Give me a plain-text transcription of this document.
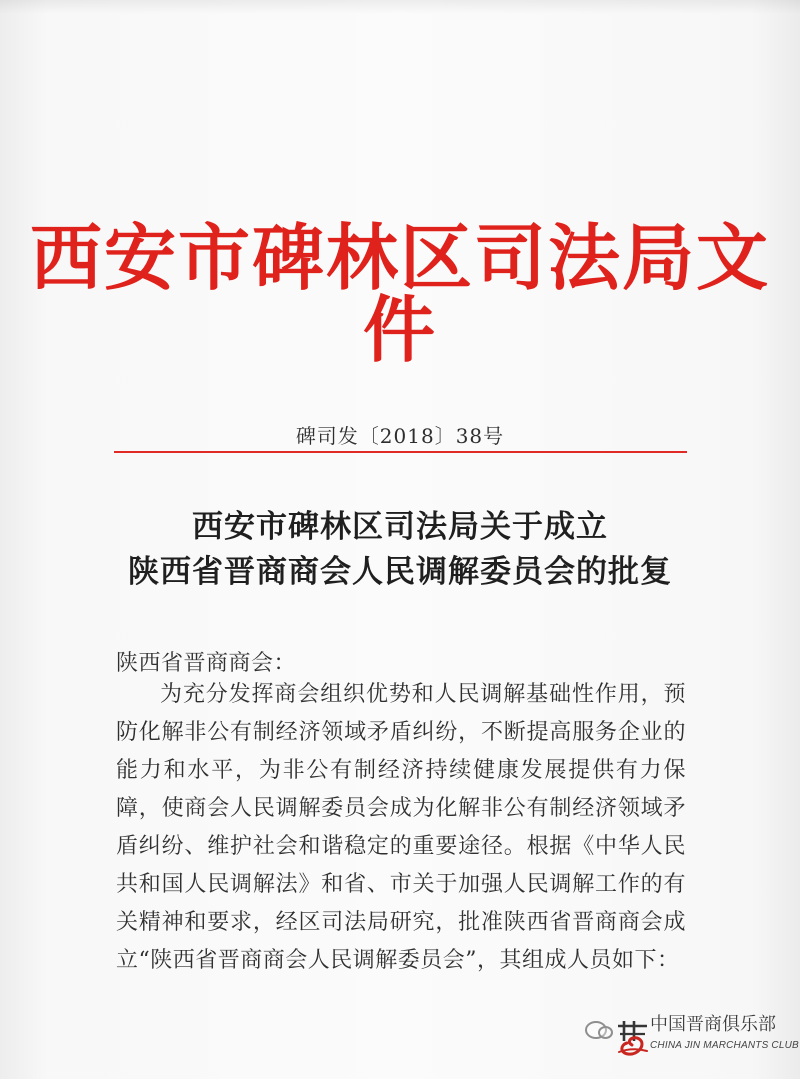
西安市碑林区司法局文件
碑司发〔2018〕38号
西安市碑林区司法局关于成立
陕西省晋商商会人民调解委员会的批复
陕西省晋商商会：
为充分发挥商会组织优势和人民调解基础性作用，预防化解非公有制经济领域矛盾纠纷，不断提高服务企业的能力和水平，为非公有制经济持续健康发展提供有力保障，使商会人民调解委员会成为化解非公有制经济领域矛盾纠纷、维护社会和谐稳定的重要途径。根据《中华人民共和国人民调解法》和省、市关于加强人民调解工作的有关精神和要求，经区司法局研究，批准陕西省晋商商会成立“陕西省晋商商会人民调解委员会”，其组成人员如下：
中国晋商俱乐部
CHINA JIN MARCHANTS CLUB
